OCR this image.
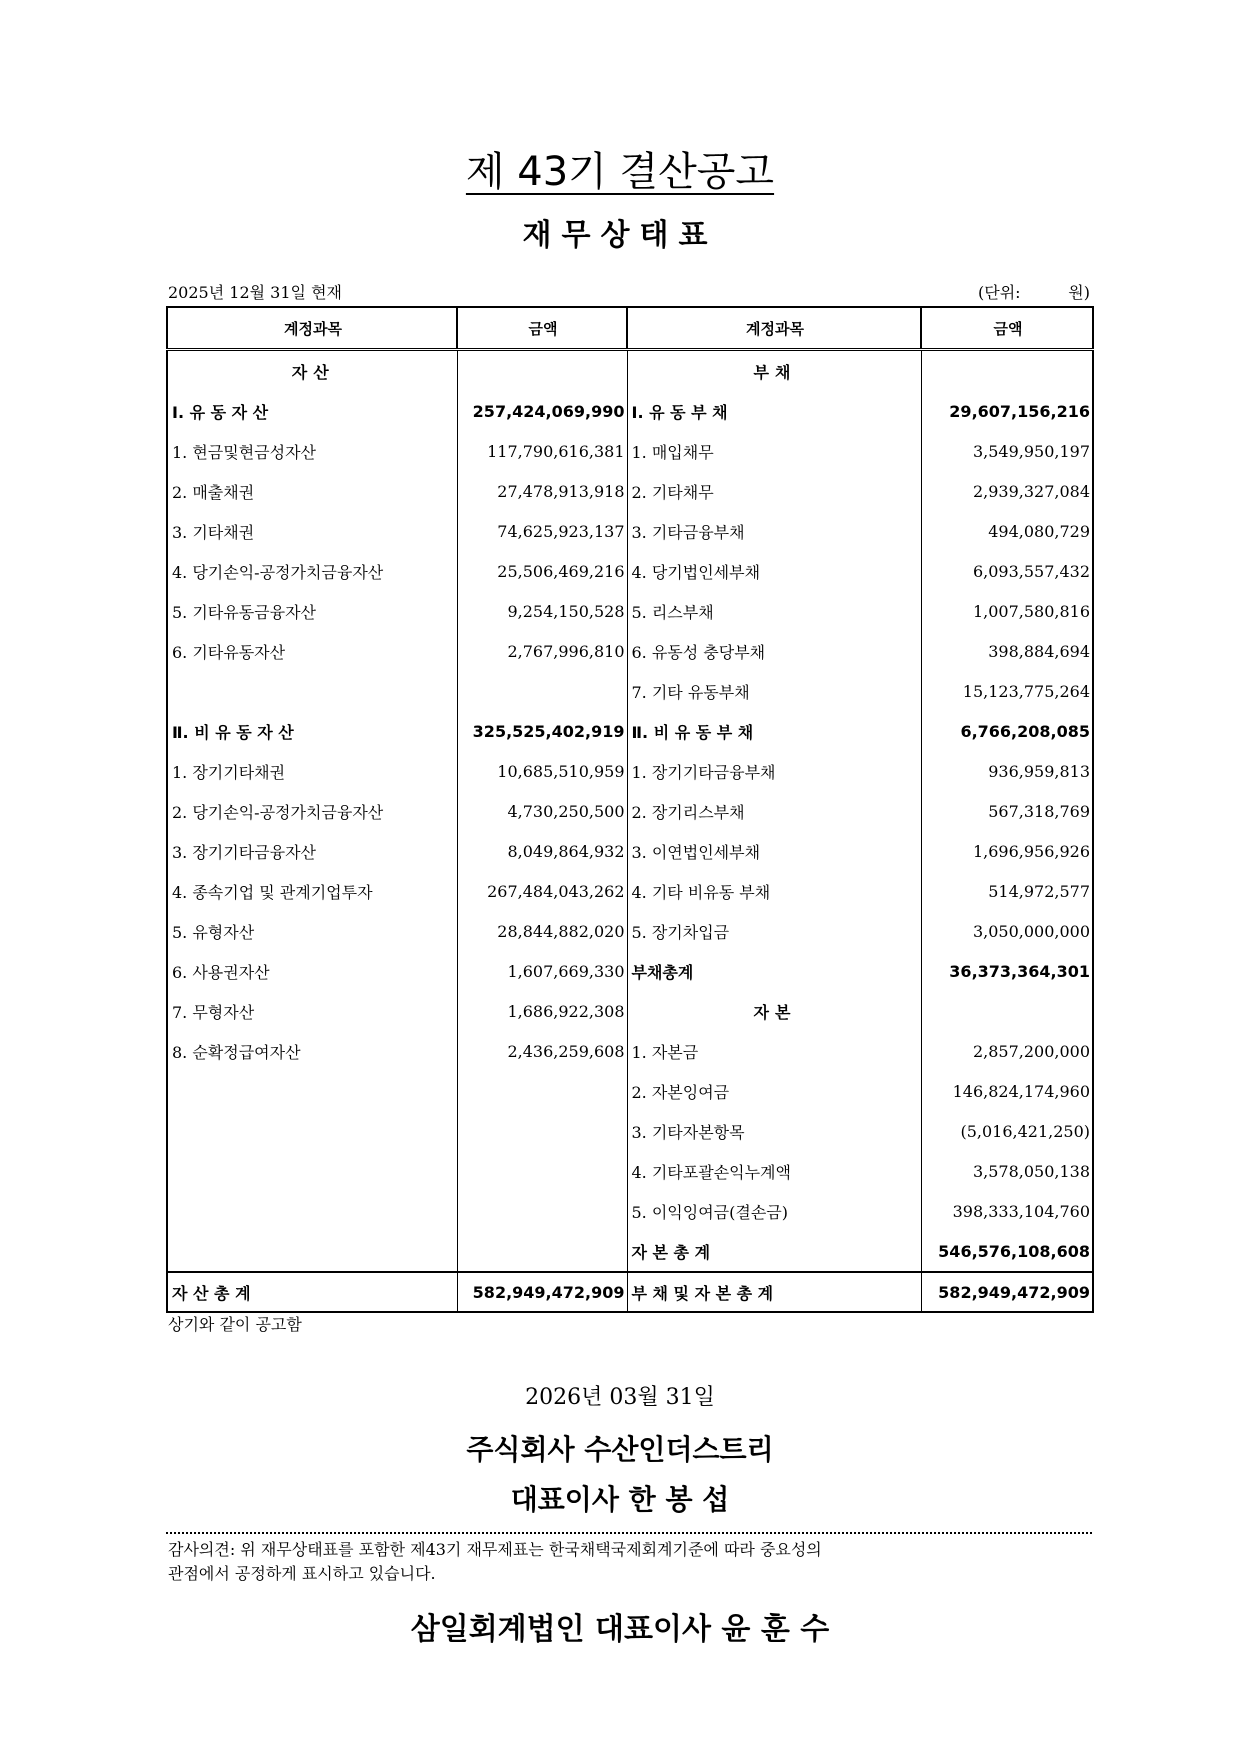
제 43기 결산공고
재무상태표
2025년 12월 31일 현재	(단위:	원)
계정과목	금액	계정과목	금액
자산		부채	
Ⅰ. 유 동 자 산	257,424,069,990	Ⅰ. 유 동 부 채	29,607,156,216
1. 현금및현금성자산	117,790,616,381	1. 매입채무	3,549,950,197
2. 매출채권	27,478,913,918	2. 기타채무	2,939,327,084
3. 기타채권	74,625,923,137	3. 기타금융부채	494,080,729
4. 당기손익-공정가치금융자산	25,506,469,216	4. 당기법인세부채	6,093,557,432
5. 기타유동금융자산	9,254,150,528	5. 리스부채	1,007,580,816
6. 기타유동자산	2,767,996,810	6. 유동성 충당부채	398,884,694
		7. 기타 유동부채	15,123,775,264
Ⅱ. 비 유 동 자 산	325,525,402,919	Ⅱ. 비 유 동 부 채	6,766,208,085
1. 장기기타채권	10,685,510,959	1. 장기기타금융부채	936,959,813
2. 당기손익-공정가치금융자산	4,730,250,500	2. 장기리스부채	567,318,769
3. 장기기타금융자산	8,049,864,932	3. 이연법인세부채	1,696,956,926
4. 종속기업 및 관계기업투자	267,484,043,262	4. 기타 비유동 부채	514,972,577
5. 유형자산	28,844,882,020	5. 장기차입금	3,050,000,000
6. 사용권자산	1,607,669,330	부채총계	36,373,364,301
7. 무형자산	1,686,922,308	자본	
8. 순확정급여자산	2,436,259,608	1. 자본금	2,857,200,000
		2. 자본잉여금	146,824,174,960
		3. 기타자본항목	(5,016,421,250)
		4. 기타포괄손익누계액	3,578,050,138
		5. 이익잉여금(결손금)	398,333,104,760
		자 본 총 계	546,576,108,608
자 산 총 계	582,949,472,909	부 채 및 자 본 총 계	582,949,472,909
상기와 같이 공고함
2026년 03월 31일
주식회사 수산인더스트리
대표이사 한 봉 섭
감사의견: 위 재무상태표를 포함한 제43기 재무제표는 한국채택국제회계기준에 따라 중요성의
관점에서 공정하게 표시하고 있습니다.
삼일회계법인 대표이사 윤 훈 수
